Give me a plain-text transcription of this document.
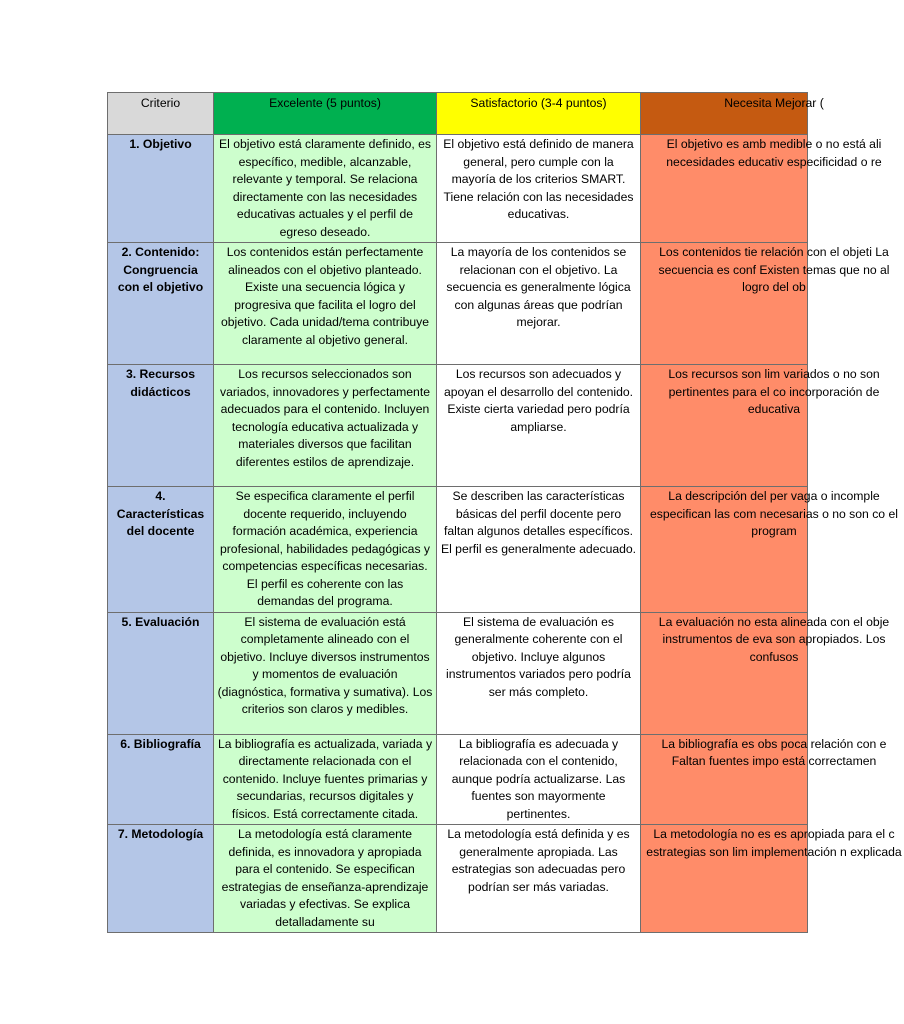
Criterio	Excelente (5 puntos)	Satisfactorio (3-4 puntos)	Necesita Mejorar (

1. Objetivo	El objetivo está claramente definido, es específico, medible, alcanzable, relevante y temporal. Se relaciona directamente con las necesidades educativas actuales y el perfil de egreso deseado.	El objetivo está definido de manera general, pero cumple con la mayoría de los criterios SMART. Tiene relación con las necesidades educativas.	El objetivo es amb medible o no está ali necesidades educativ especificidad o re

2. Contenido: Congruencia con el objetivo	Los contenidos están perfectamente alineados con el objetivo planteado. Existe una secuencia lógica y progresiva que facilita el logro del objetivo. Cada unidad/tema contribuye claramente al objetivo general.	La mayoría de los contenidos se relacionan con el objetivo. La secuencia es generalmente lógica con algunas áreas que podrían mejorar.	Los contenidos tie relación con el objeti La secuencia es conf Existen temas que no al logro del ob

3. Recursos didácticos	Los recursos seleccionados son variados, innovadores y perfectamente adecuados para el contenido. Incluyen tecnología educativa actualizada y materiales diversos que facilitan diferentes estilos de aprendizaje.	Los recursos son adecuados y apoyan el desarrollo del contenido. Existe cierta variedad pero podría ampliarse.	Los recursos son lim variados o no son pertinentes para el co incorporación de educativa

4. Características del docente	Se especifica claramente el perfil docente requerido, incluyendo formación académica, experiencia profesional, habilidades pedagógicas y competencias específicas necesarias. El perfil es coherente con las demandas del programa.	Se describen las características básicas del perfil docente pero faltan algunos detalles específicos. El perfil es generalmente adecuado.	La descripción del per vaga o incomple especifican las com necesarias o no son co el program

5. Evaluación	El sistema de evaluación está completamente alineado con el objetivo. Incluye diversos instrumentos y momentos de evaluación (diagnóstica, formativa y sumativa). Los criterios son claros y medibles.	El sistema de evaluación es generalmente coherente con el objetivo. Incluye algunos instrumentos variados pero podría ser más completo.	La evaluación no esta alineada con el obje instrumentos de eva son apropiados. Los confusos

6. Bibliografía	La bibliografía es actualizada, variada y directamente relacionada con el contenido. Incluye fuentes primarias y secundarias, recursos digitales y físicos. Está correctamente citada.	La bibliografía es adecuada y relacionada con el contenido, aunque podría actualizarse. Las fuentes son mayormente pertinentes.	La bibliografía es obs poca relación con e Faltan fuentes impo está correctamen

7. Metodología	La metodología está claramente definida, es innovadora y apropiada para el contenido. Se especifican estrategias de enseñanza-aprendizaje variadas y efectivas. Se explica detalladamente su	La metodología está definida y es generalmente apropiada. Las estrategias son adecuadas pero podrían ser más variadas.	La metodología no es es apropiada para el c estrategias son lim implementación n explicada
